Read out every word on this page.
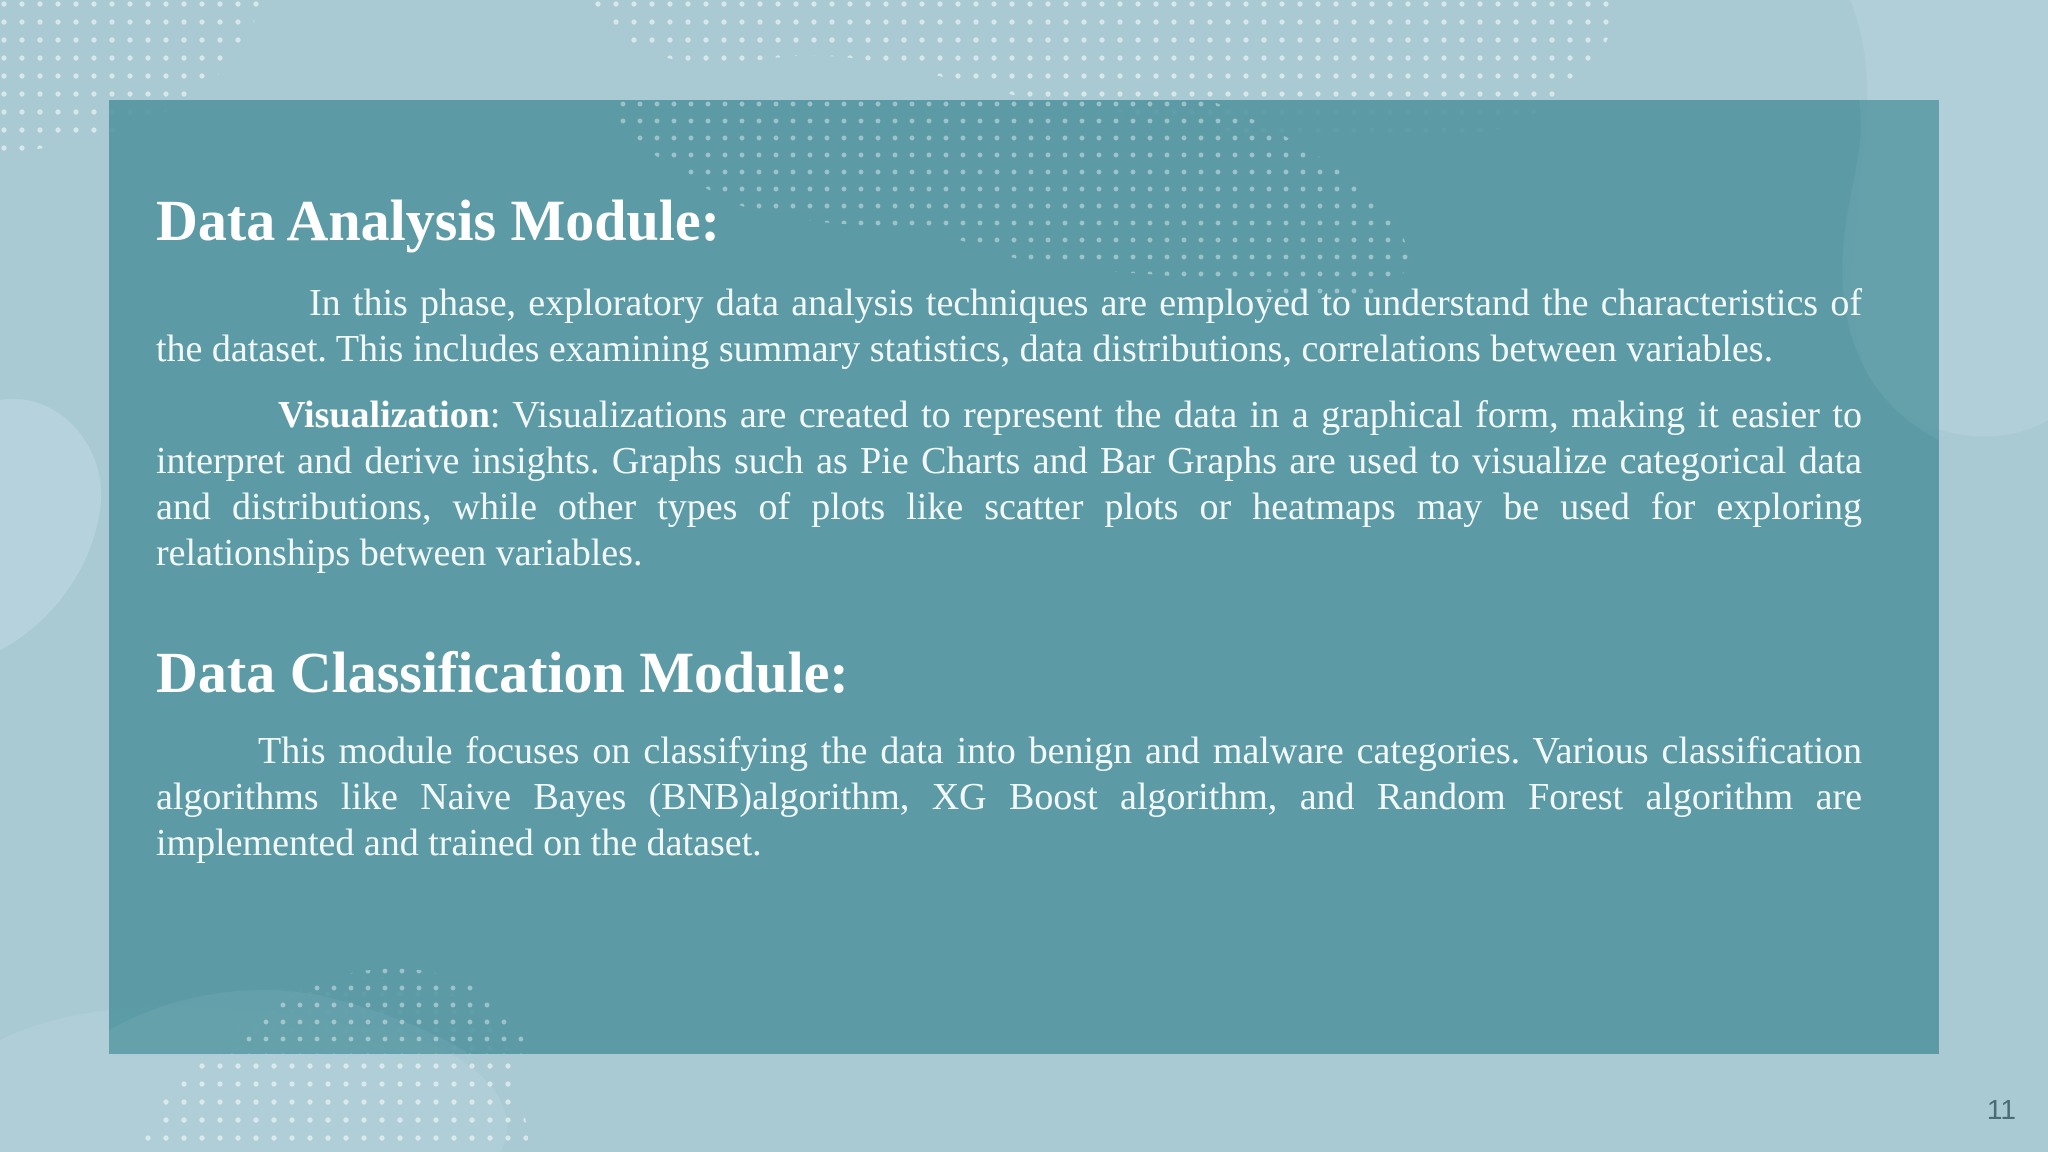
Data Analysis Module:

In this phase, exploratory data analysis techniques are employed to understand the characteristics of the dataset. This includes examining summary statistics, data distributions, correlations between variables.

Visualization: Visualizations are created to represent the data in a graphical form, making it easier to interpret and derive insights. Graphs such as Pie Charts and Bar Graphs are used to visualize categorical data and distributions, while other types of plots like scatter plots or heatmaps may be used for exploring relationships between variables.

Data Classification Module:

This module focuses on classifying the data into benign and malware categories. Various classification algorithms like Naive Bayes (BNB)algorithm, XG Boost algorithm, and Random Forest algorithm are implemented and trained on the dataset.

11
